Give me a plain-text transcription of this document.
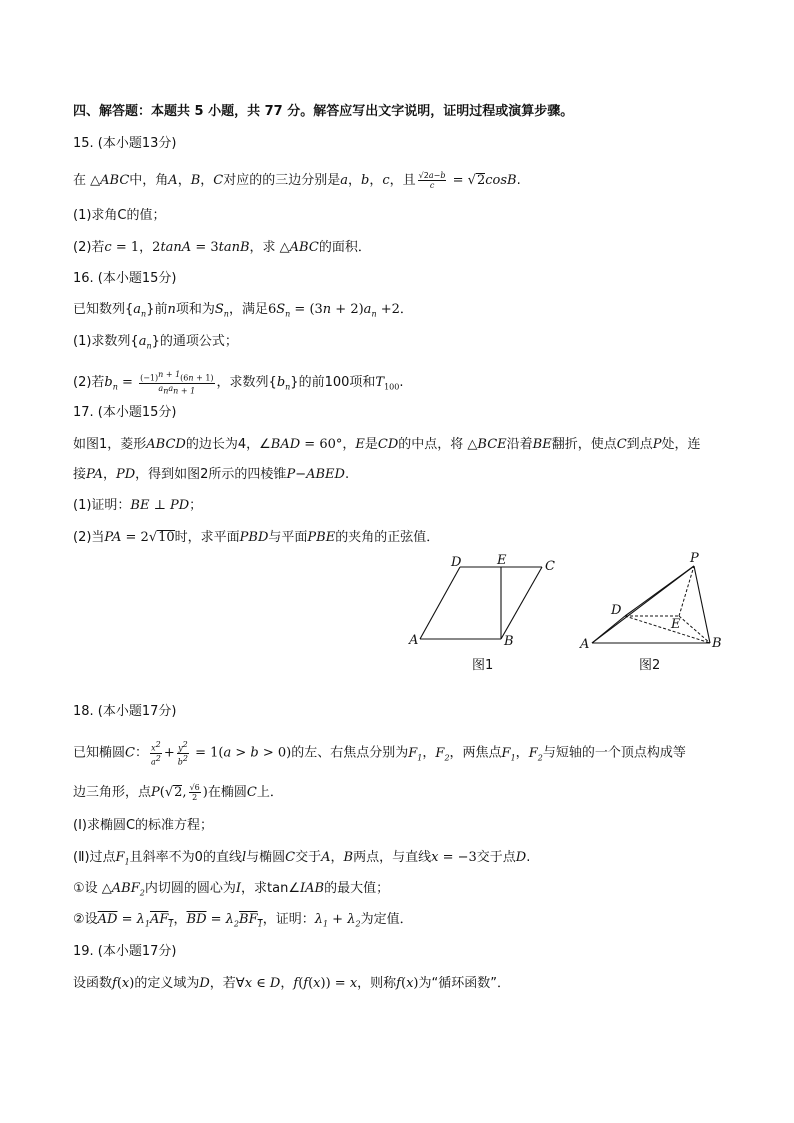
四、解答题：本题共 5 小题，共 77 分。解答应写出文字说明，证明过程或演算步骤。
15. (本小题13分)
在 △ABC中，角A，B，C对应的的三边分别是a，b，c，且 $\frac{√2a-b}{c} = √2\cos B$.
(1)求角C的值；
(2)若c = 1，2tanA = 3tanB，求 △ABC的面积．
16. (本小题15分)
已知数列$\{a_n\}$前n项和为$S_n$，满足$6S_n = (3n + 2)a_n +2$．
(1)求数列$\{a_n\}$的通项公式；
(2)若$b_n = \frac{(-1)^{n + 1}(6n + 1)}{a_na_{n + 1}}$ ，求数列$\{b_n\}$的前100项和$T_{100}$.
17. (本小题15分)
如图1，菱形ABCD的边长为4，∠BAD = 60°，E是CD的中点，将 △BCE沿着BE翻折，使点C到点P处，连
接PA，PD，得到如图2所示的四棱锥P−ABED.
(1)证明：BE ⊥ PD；
(2)当PA = 2√10时，求平面PBD与平面PBE的夹角的正弦值．
D	E	C
A	B
图1
P
D
E
A	B
图2
18. (本小题17分)
已知椭圆C： $\frac{x^2}{a^2} + \frac{y^2}{b^2} = 1(a > b > 0)$的左、右焦点分别为$F_1$，$F_2$，两焦点$F_1$，$F_2$与短轴的一个顶点构成等
边三角形，点P(√2, $\frac{√6}{2}$ )在椭圆C上．
(Ⅰ)求椭圆C的标准方程；
(Ⅱ)过点$F_1$且斜率不为0的直线l与椭圆C交于A，B两点，与直线x = −3交于点D.
①设 $\triangle ABF_2$内切圆的圆心为I，求tan∠IAB的最大值；
②设$\overline{AD} = \lambda_1AF_1$，$\overline{BD} = \lambda_2BF_1$，证明：$\lambda_1 + \lambda_2$为定值．
19. (本小题17分)
设函数f(x)的定义域为D，若∀x ∈ D，f(f(x)) = x，则称f(x)为“循环函数”．
